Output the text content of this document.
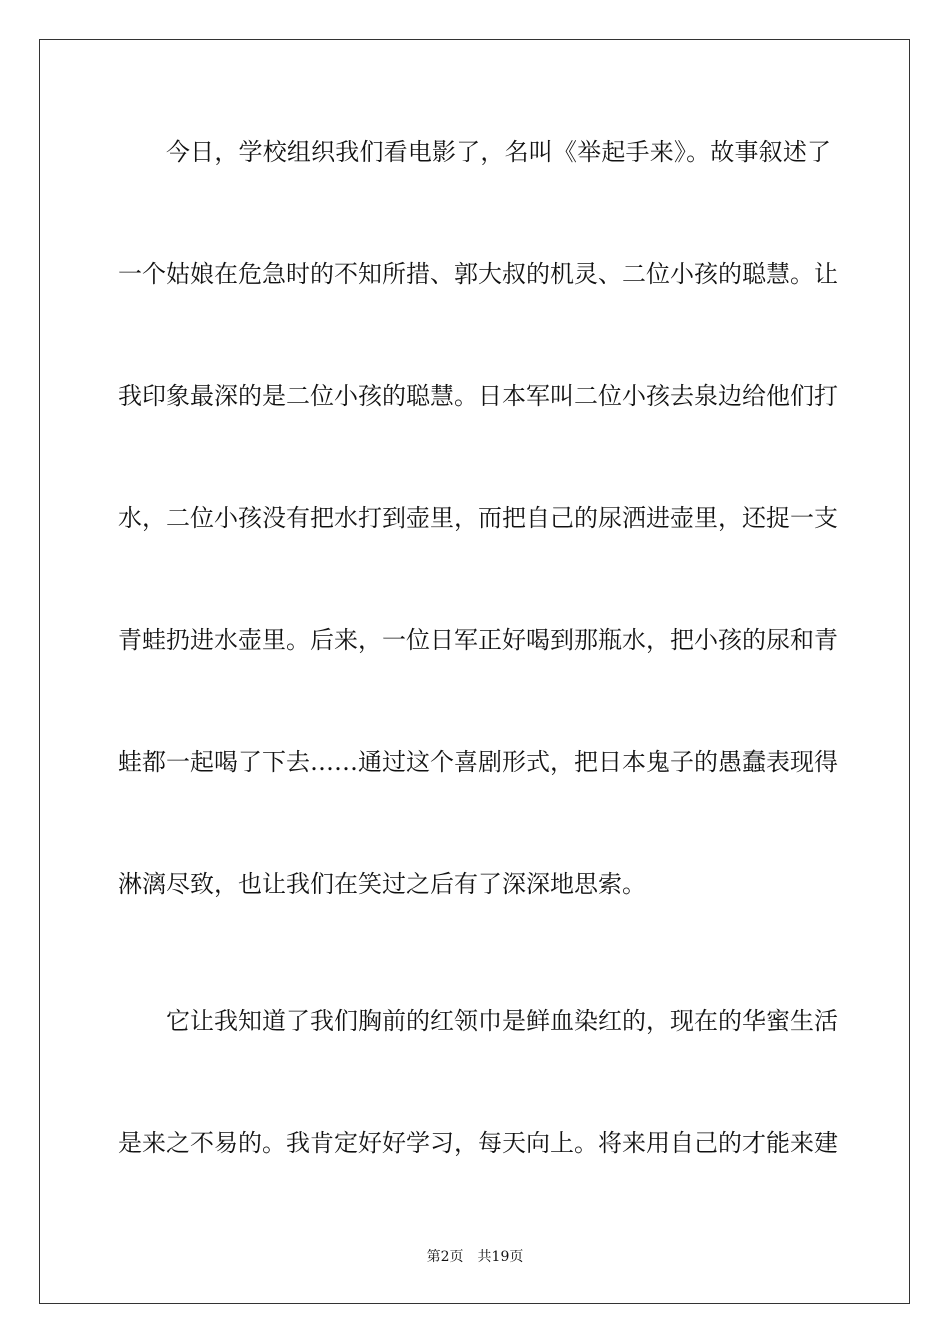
今日，学校组织我们看电影了，名叫《举起手来》。故事叙述了
一个姑娘在危急时的不知所措、郭大叔的机灵、二位小孩的聪慧。让
我印象最深的是二位小孩的聪慧。日本军叫二位小孩去泉边给他们打
水，二位小孩没有把水打到壶里，而把自己的尿洒进壶里，还捉一支
青蛙扔进水壶里。后来，一位日军正好喝到那瓶水，把小孩的尿和青
蛙都一起喝了下去……通过这个喜剧形式，把日本鬼子的愚蠢表现得
淋漓尽致，也让我们在笑过之后有了深深地思索。
它让我知道了我们胸前的红领巾是鲜血染红的，现在的华蜜生活
是来之不易的。我肯定好好学习，每天向上。将来用自己的才能来建
第2页 共19页
